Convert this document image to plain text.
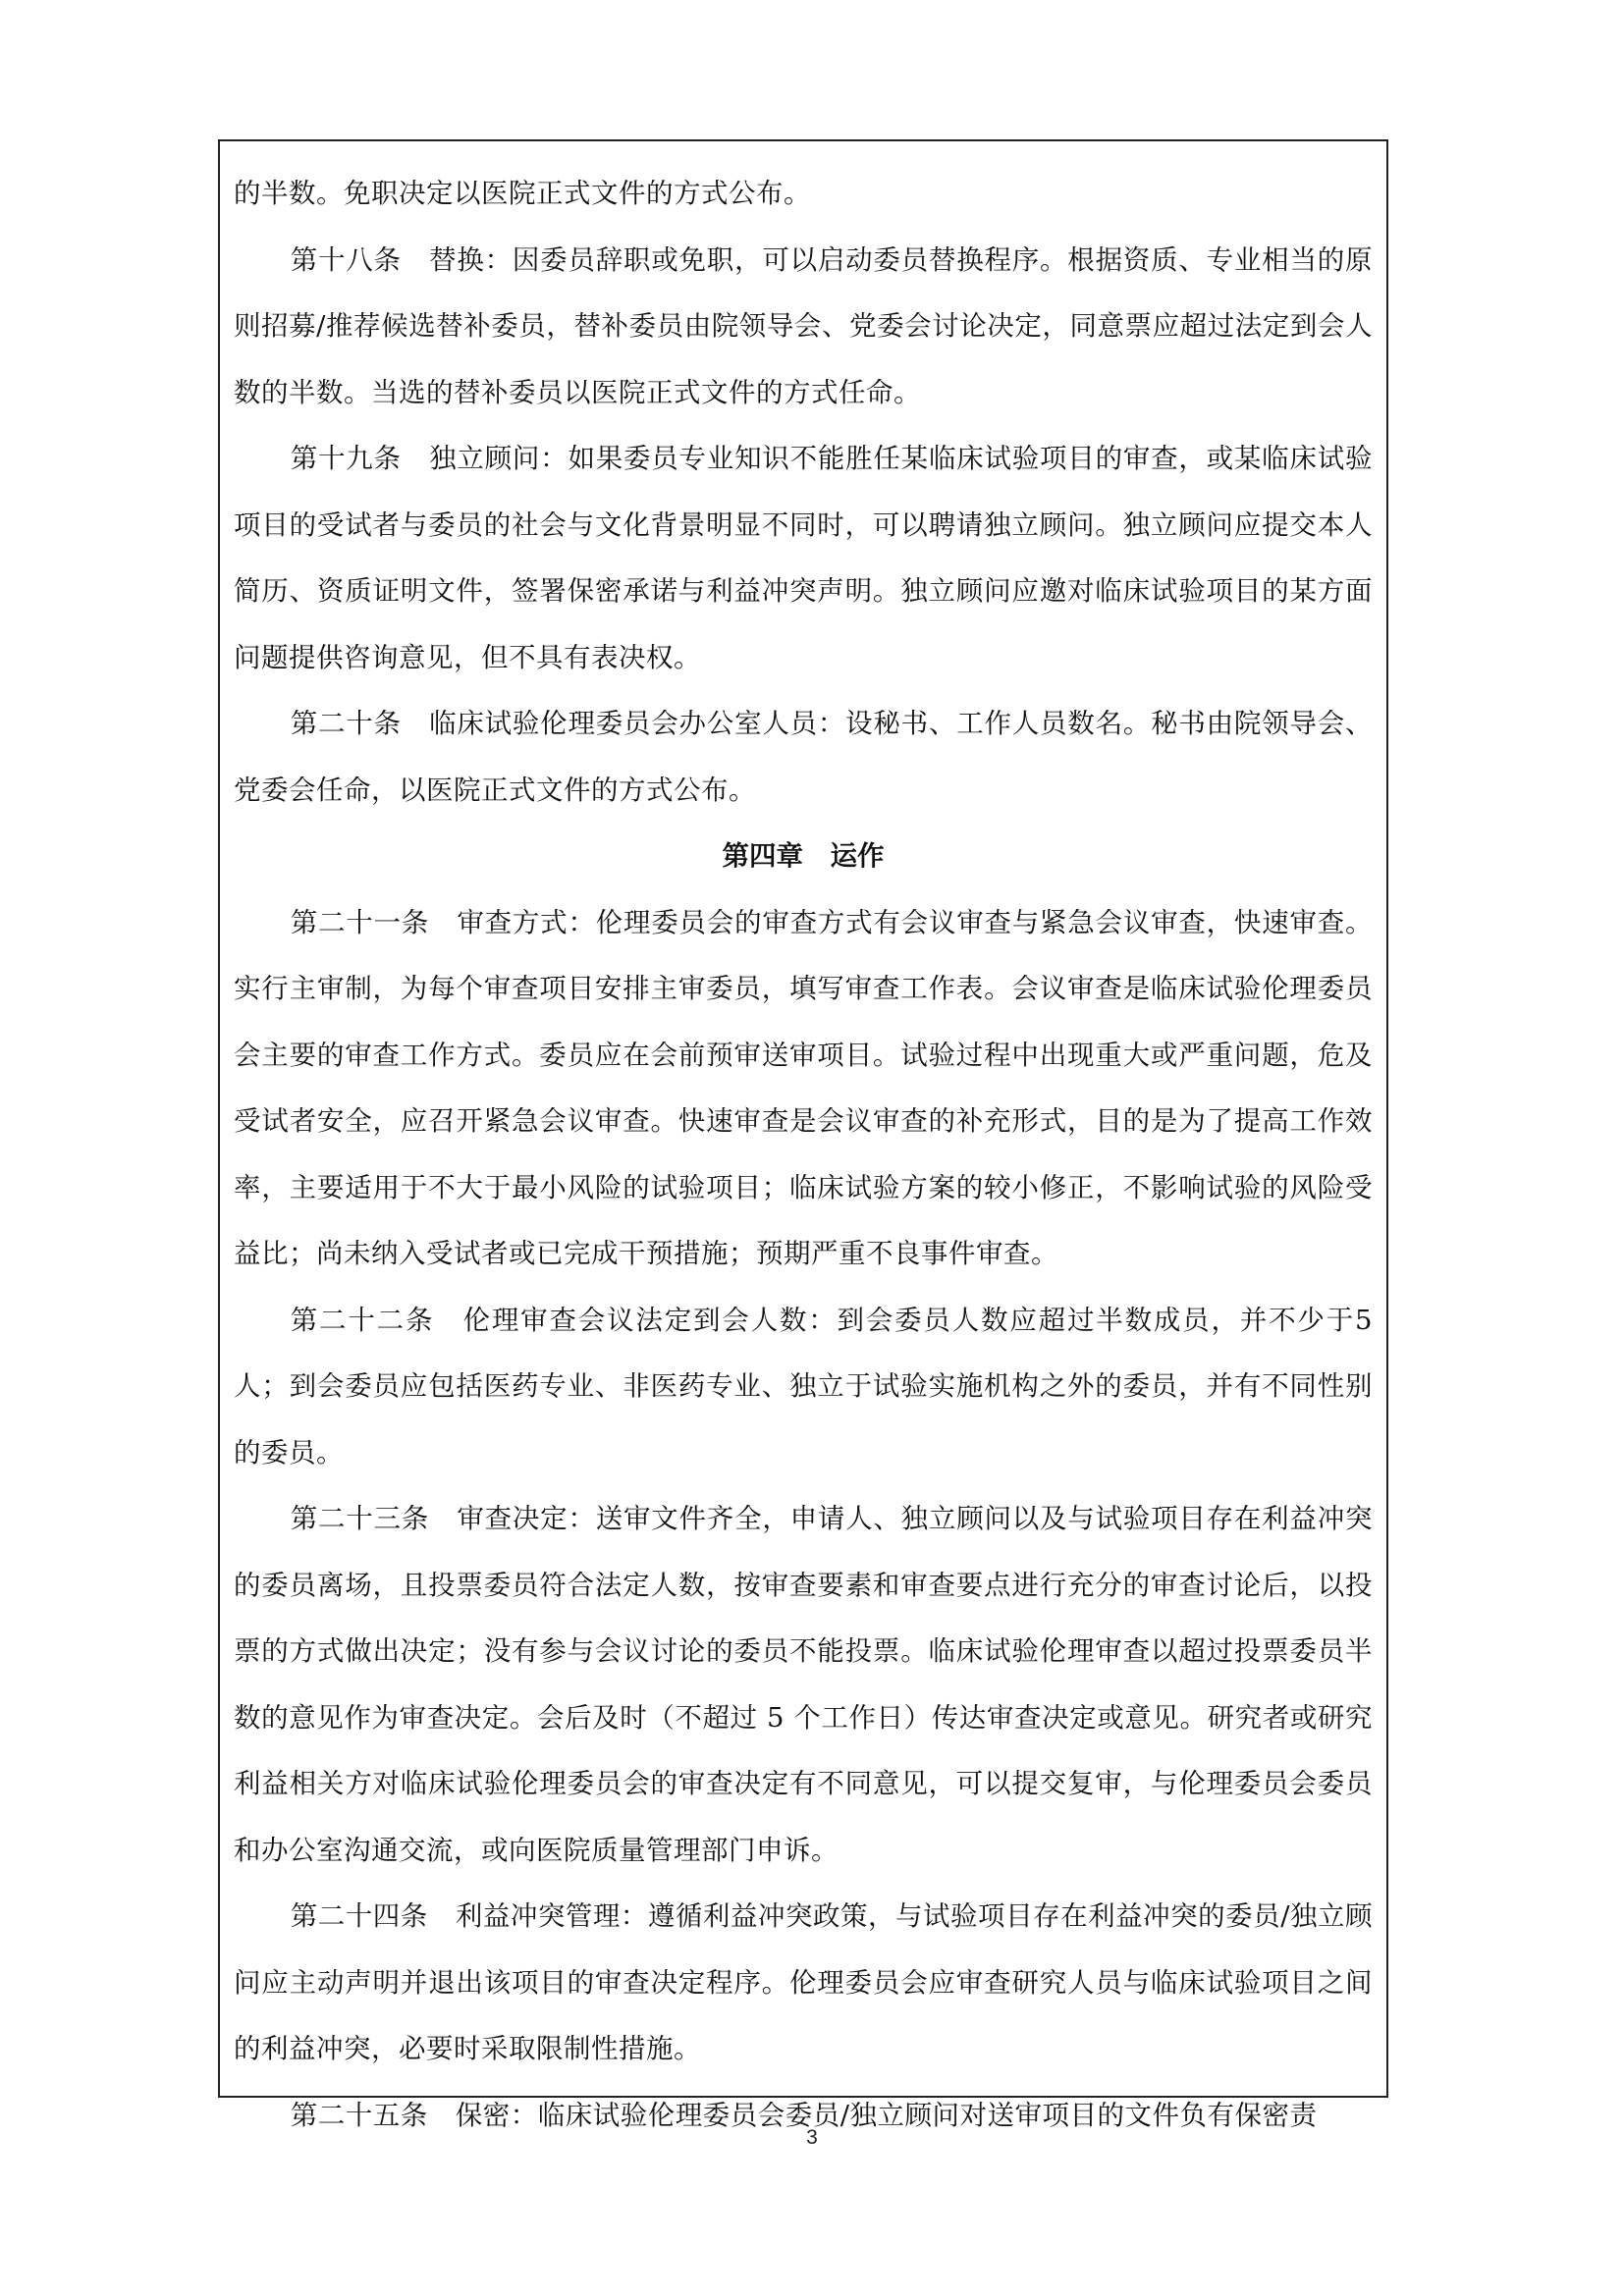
的半数。免职决定以医院正式文件的方式公布。

第十八条　替换：因委员辞职或免职，可以启动委员替换程序。根据资质、专业相当的原则招募/推荐候选替补委员，替补委员由院领导会、党委会讨论决定，同意票应超过法定到会人数的半数。当选的替补委员以医院正式文件的方式任命。

第十九条　独立顾问：如果委员专业知识不能胜任某临床试验项目的审查，或某临床试验项目的受试者与委员的社会与文化背景明显不同时，可以聘请独立顾问。独立顾问应提交本人简历、资质证明文件，签署保密承诺与利益冲突声明。独立顾问应邀对临床试验项目的某方面问题提供咨询意见，但不具有表决权。

第二十条　临床试验伦理委员会办公室人员：设秘书、工作人员数名。秘书由院领导会、党委会任命，以医院正式文件的方式公布。

第四章　运作

第二十一条　审查方式：伦理委员会的审查方式有会议审查与紧急会议审查，快速审查。实行主审制，为每个审查项目安排主审委员，填写审查工作表。会议审查是临床试验伦理委员会主要的审查工作方式。委员应在会前预审送审项目。试验过程中出现重大或严重问题，危及受试者安全，应召开紧急会议审查。快速审查是会议审查的补充形式，目的是为了提高工作效率，主要适用于不大于最小风险的试验项目；临床试验方案的较小修正，不影响试验的风险受益比；尚未纳入受试者或已完成干预措施；预期严重不良事件审查。

第二十二条　伦理审查会议法定到会人数：到会委员人数应超过半数成员，并不少于5人；到会委员应包括医药专业、非医药专业、独立于试验实施机构之外的委员，并有不同性别的委员。

第二十三条　审查决定：送审文件齐全，申请人、独立顾问以及与试验项目存在利益冲突的委员离场，且投票委员符合法定人数，按审查要素和审查要点进行充分的审查讨论后，以投票的方式做出决定；没有参与会议讨论的委员不能投票。临床试验伦理审查以超过投票委员半数的意见作为审查决定。会后及时（不超过 5 个工作日）传达审查决定或意见。研究者或研究利益相关方对临床试验伦理委员会的审查决定有不同意见，可以提交复审，与伦理委员会委员和办公室沟通交流，或向医院质量管理部门申诉。

第二十四条　利益冲突管理：遵循利益冲突政策，与试验项目存在利益冲突的委员/独立顾问应主动声明并退出该项目的审查决定程序。伦理委员会应审查研究人员与临床试验项目之间的利益冲突，必要时采取限制性措施。

第二十五条　保密：临床试验伦理委员会委员/独立顾问对送审项目的文件负有保密责

3
